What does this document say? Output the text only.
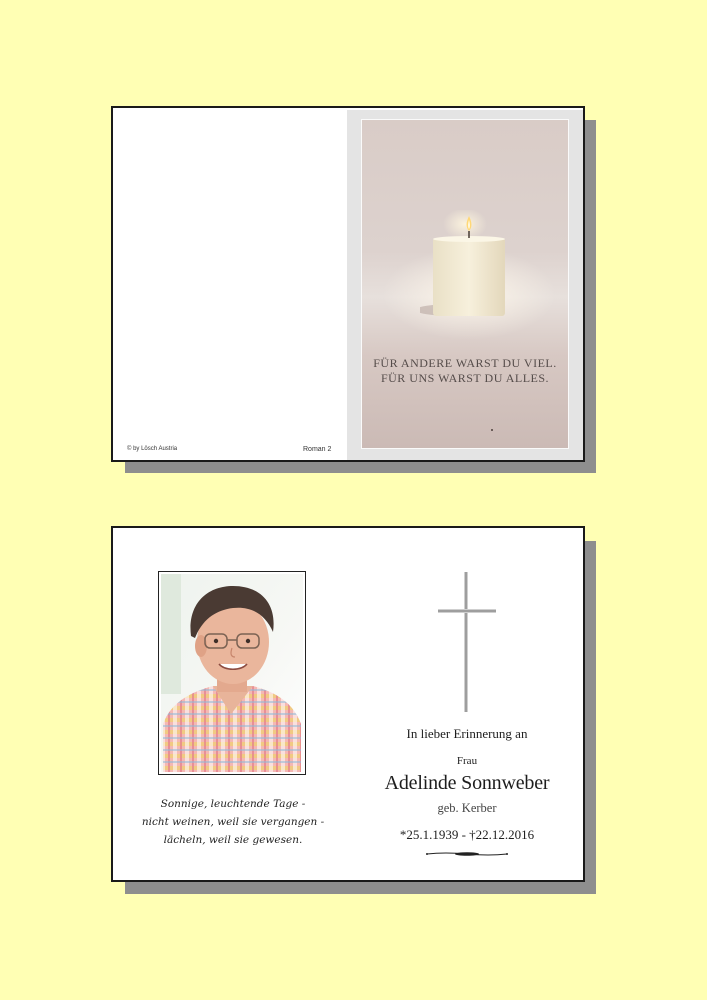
© by Lösch Austria	Roman 2
FÜR ANDERE WARST DU VIEL.
FÜR UNS WARST DU ALLES.
Sonnige, leuchtende Tage -
nicht weinen, weil sie vergangen -
lächeln, weil sie gewesen.
In lieber Erinnerung an
Frau
Adelinde Sonnweber
geb. Kerber
*25.1.1939 - †22.12.2016
